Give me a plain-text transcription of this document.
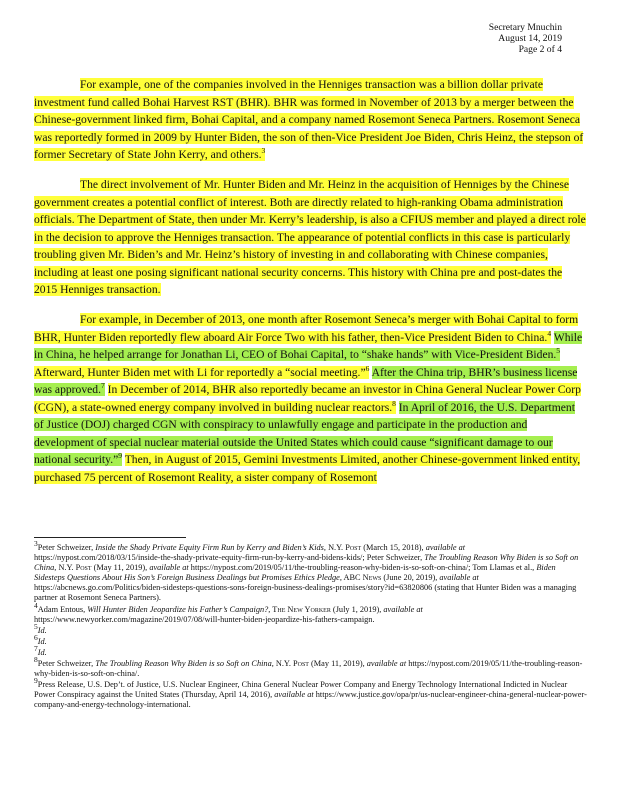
Secretary Mnuchin
August 14, 2019
Page 2 of 4

For example, one of the companies involved in the Henniges transaction was a billion dollar private investment fund called Bohai Harvest RST (BHR). BHR was formed in November of 2013 by a merger between the Chinese-government linked firm, Bohai Capital, and a company named Rosemont Seneca Partners. Rosemont Seneca was reportedly formed in 2009 by Hunter Biden, the son of then-Vice President Joe Biden, Chris Heinz, the stepson of former Secretary of State John Kerry, and others.$^3$

The direct involvement of Mr. Hunter Biden and Mr. Heinz in the acquisition of Henniges by the Chinese government creates a potential conflict of interest. Both are directly related to high-ranking Obama administration officials. The Department of State, then under Mr. Kerry’s leadership, is also a CFIUS member and played a direct role in the decision to approve the Henniges transaction. The appearance of potential conflicts in this case is particularly troubling given Mr. Biden’s and Mr. Heinz’s history of investing in and collaborating with Chinese companies, including at least one posing significant national security concerns. This history with China pre and post-dates the 2015 Henniges transaction.

For example, in December of 2013, one month after Rosemont Seneca’s merger with Bohai Capital to form BHR, Hunter Biden reportedly flew aboard Air Force Two with his father, then-Vice President Biden to China.$^4$ While in China, he helped arrange for Jonathan Li, CEO of Bohai Capital, to “shake hands” with Vice-President Biden.$^5$ Afterward, Hunter Biden met with Li for reportedly a “social meeting.”$^6$ After the China trip, BHR’s business license was approved.$^7$ In December of 2014, BHR also reportedly became an investor in China General Nuclear Power Corp (CGN), a state-owned energy company involved in building nuclear reactors.$^8$ In April of 2016, the U.S. Department of Justice (DOJ) charged CGN with conspiracy to unlawfully engage and participate in the production and development of special nuclear material outside the United States which could cause “significant damage to our national security.”$^9$ Then, in August of 2015, Gemini Investments Limited, another Chinese-government linked entity, purchased 75 percent of Rosemont Reality, a sister company of Rosemont

$^3$Peter Schweizer, Inside the Shady Private Equity Firm Run by Kerry and Biden’s Kids, N.Y. Post (March 15, 2018), available at https://nypost.com/2018/03/15/inside-the-shady-private-equity-firm-run-by-kerry-and-bidens-kids/; Peter Schweizer, The Troubling Reason Why Biden is so Soft on China, N.Y. Post (May 11, 2019), available at https://nypost.com/2019/05/11/the-troubling-reason-why-biden-is-so-soft-on-china/; Tom Llamas et al., Biden Sidesteps Questions About His Son’s Foreign Business Dealings but Promises Ethics Pledge, ABC News (June 20, 2019), available at https://abcnews.go.com/Politics/biden-sidesteps-questions-sons-foreign-business-dealings-promises/story?id=63820806 (stating that Hunter Biden was a managing partner at Rosemont Seneca Partners).

$^4$Adam Entous, Will Hunter Biden Jeopardize his Father’s Campaign?, The New Yorker (July 1, 2019), available at https://www.newyorker.com/magazine/2019/07/08/will-hunter-biden-jeopardize-his-fathers-campaign.

$^5$Id.

$^6$Id.

$^7$Id.

$^8$Peter Schweizer, The Troubling Reason Why Biden is so Soft on China, N.Y. Post (May 11, 2019), available at https://nypost.com/2019/05/11/the-troubling-reason-why-biden-is-so-soft-on-china/.

$^9$Press Release, U.S. Dep’t. of Justice, U.S. Nuclear Engineer, China General Nuclear Power Company and Energy Technology International Indicted in Nuclear Power Conspiracy against the United States (Thursday, April 14, 2016), available at https://www.justice.gov/opa/pr/us-nuclear-engineer-china-general-nuclear-power-company-and-energy-technology-international.
